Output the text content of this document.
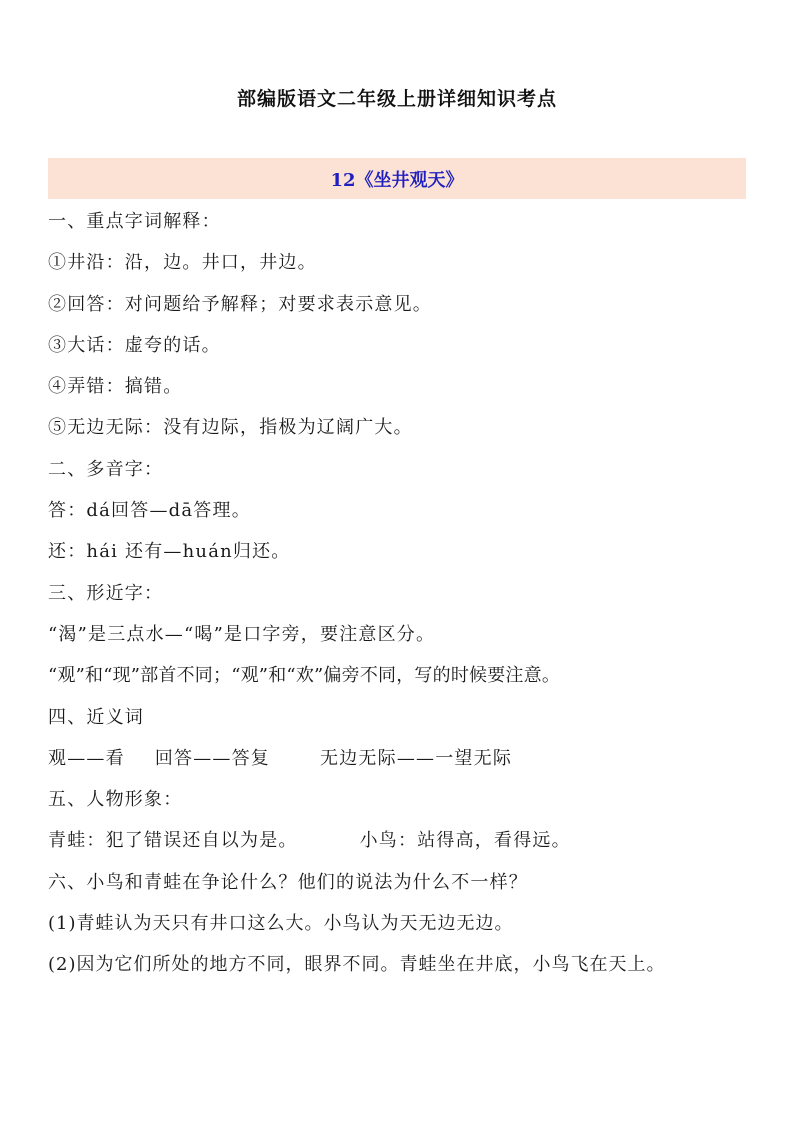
部编版语文二年级上册详细知识考点
12《坐井观天》
一、重点字词解释：
①井沿：沿，边。井口，井边。
②回答：对问题给予解释；对要求表示意见。
③大话：虚夸的话。
④弄错：搞错。
⑤无边无际：没有边际，指极为辽阔广大。
二、多音字：
答：dá回答—dā答理。
还：hái 还有—huán归还。
三、形近字：
“渴”是三点水—“喝”是口字旁，要注意区分。
“观”和“现”部首不同；“观”和“欢”偏旁不同，写的时候要注意。
四、近义词
观——看 回答——答复	无边无际——一望无际
五、人物形象：
青蛙：犯了错误还自以为是。	小鸟：站得高，看得远。
六、小鸟和青蛙在争论什么？他们的说法为什么不一样？
(1)青蛙认为天只有井口这么大。小鸟认为天无边无边。
(2)因为它们所处的地方不同，眼界不同。青蛙坐在井底，小鸟飞在天上。
